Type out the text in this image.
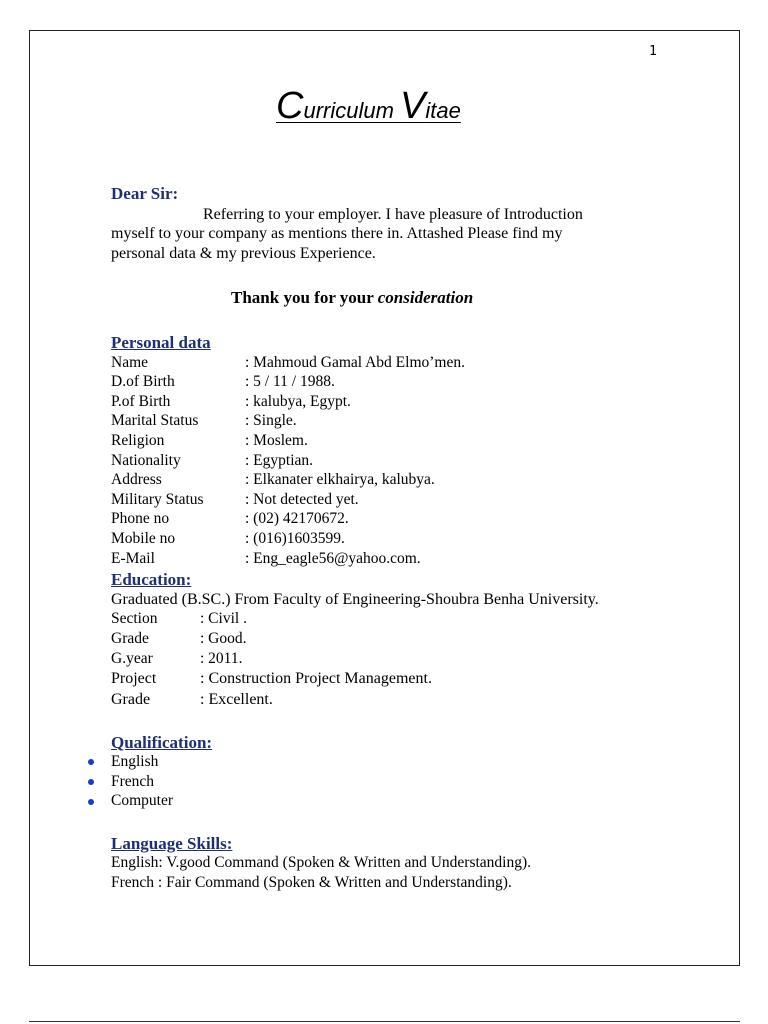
1
Curriculum Vitae
Dear Sir:
Referring to your employer. I have pleasure of Introduction
myself to your company as mentions there in. Attashed Please find my
personal data & my previous Experience.
Thank you for your consideration
Personal data
Name	: Mahmoud Gamal Abd Elmo’men.
D.of Birth	: 5 / 11 / 1988.
P.of Birth	: kalubya, Egypt.
Marital Status	: Single.
Religion	: Moslem.
Nationality	: Egyptian.
Address	: Elkanater elkhairya, kalubya.
Military Status	: Not detected yet.
Phone no	: (02) 42170672.
Mobile no	: (016)1603599.
E-Mail	: Eng_eagle56@yahoo.com.
Education:
Graduated (B.SC.) From Faculty of Engineering-Shoubra Benha University.
Section	: Civil .
Grade	: Good.
G.year	: 2011.
Project	: Construction Project Management.
Grade	: Excellent.
Qualification:
English
French
Computer
Language Skills:
English: V.good Command (Spoken & Written and Understanding).
French : Fair Command (Spoken & Written and Understanding).
